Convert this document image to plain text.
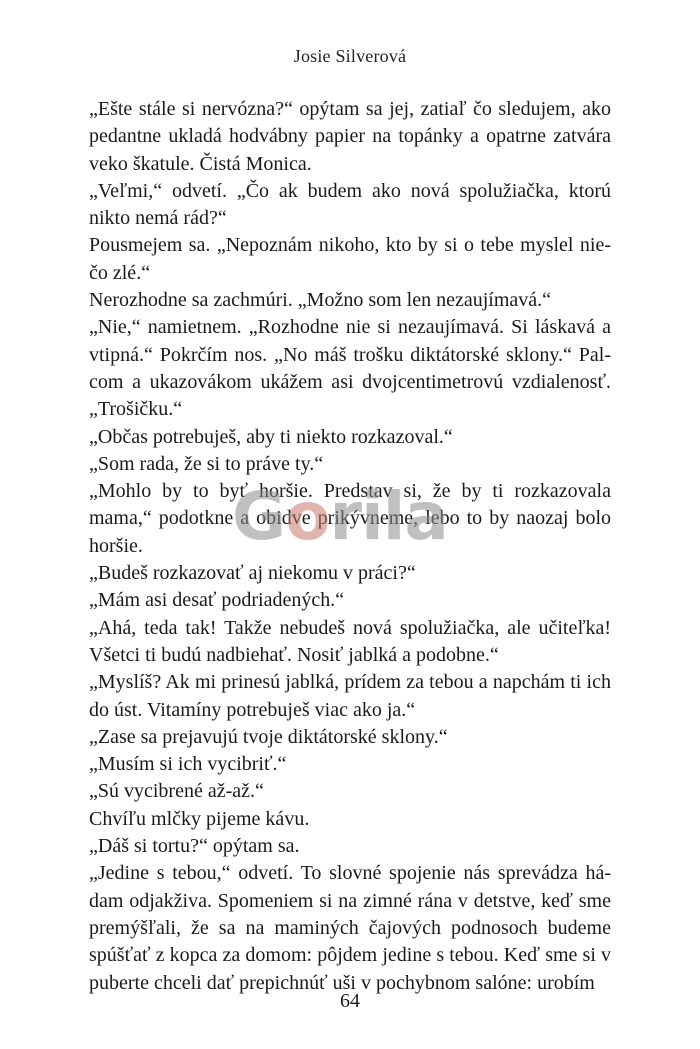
Josie Silverová

„Ešte stále si nervózna?“ opýtam sa jej, zatiaľ čo sledujem, ako pedantne ukladá hodvábny papier na topánky a opatrne zatvára veko škatule. Čistá Monica.

„Veľmi,“ odvetí. „Čo ak budem ako nová spolužiačka, ktorú nikto nemá rád?“

Pousmejem sa. „Nepoznám nikoho, kto by si o tebe myslel nie-čo zlé.“

Nerozhodne sa zachmúri. „Možno som len nezaujímavá.“

„Nie,“ namietnem. „Rozhodne nie si nezaujímavá. Si láskavá a vtipná.“ Pokrčím nos. „No máš trošku diktátorské sklony.“ Pal-com a ukazovákom ukážem asi dvojcentimetrovú vzdialenosť. „Trošičku.“

„Občas potrebuješ, aby ti niekto rozkazoval.“

„Som rada, že si to práve ty.“

„Mohlo by to byť horšie. Predstav si, že by ti rozkazovala mama,“ podotkne a obidve prikývneme, lebo to by naozaj bolo horšie.

„Budeš rozkazovať aj niekomu v práci?“

„Mám asi desať podriadených.“

„Ahá, teda tak! Takže nebudeš nová spolužiačka, ale učiteľka! Všetci ti budú nadbiehať. Nosiť jablká a podobne.“

„Myslíš? Ak mi prinesú jablká, prídem za tebou a napchám ti ich do úst. Vitamíny potrebuješ viac ako ja.“

„Zase sa prejavujú tvoje diktátorské sklony.“

„Musím si ich vycibriť.“

„Sú vycibrené až-až.“

Chvíľu mlčky pijeme kávu.

„Dáš si tortu?“ opýtam sa.

„Jedine s tebou,“ odvetí. To slovné spojenie nás sprevádza há-dam odjakživa. Spomeniem si na zimné rána v detstve, keď sme premýšľali, že sa na maminých čajových podnosoch budeme spúšťať z kopca za domom: pôjdem jedine s tebou. Keď sme si v puberte chceli dať prepichnúť uši v pochybnom salóne: urobím

Gorila
64
